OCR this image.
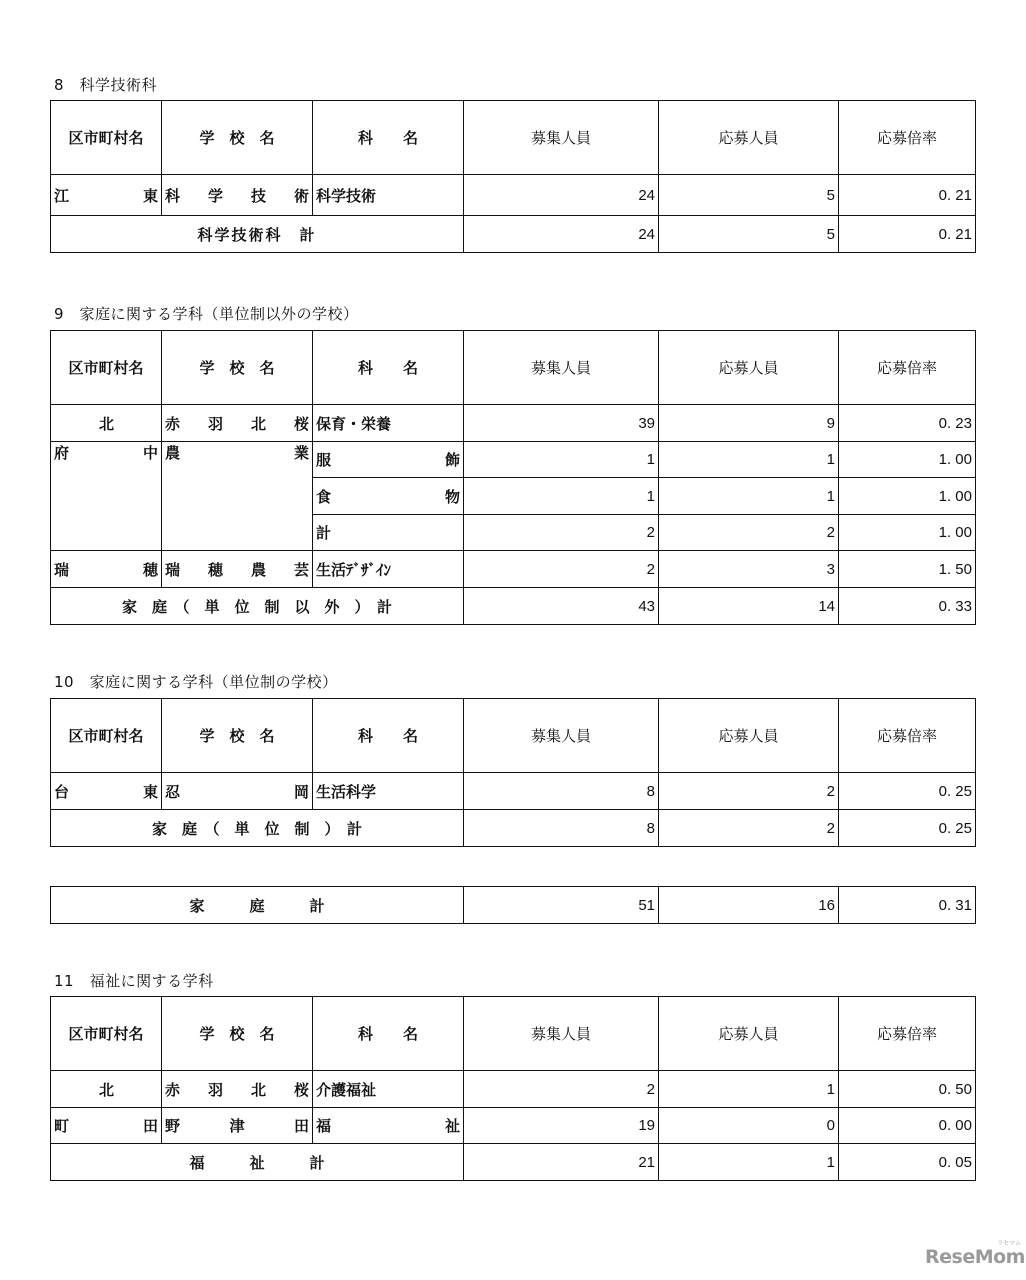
8　科学技術科
区市町村名	学　校　名	科　　名	募集人員	応募人員	応募倍率
江東	科学技術	科学技術	24	5	0. 21
科学技術科　計			24	5	0. 21
9　家庭に関する学科（単位制以外の学校）
区市町村名	学　校　名	科　　名	募集人員	応募人員	応募倍率
北	赤羽北桜	保育・栄養	39	9	0. 23
府中	農業	服飾	1	1	1. 00
		食物	1	1	1. 00
		計	2	2	1. 00
瑞穂	瑞穂農芸	生活ﾃﾞｻﾞｲﾝ	2	3	1. 50
家　庭　（　単　位　制　以　外　）　計			43	14	0. 33
10　家庭に関する学科（単位制の学校）
区市町村名	学　校　名	科　　名	募集人員	応募人員	応募倍率
台東	忍岡	生活科学	8	2	0. 25
家　庭　（　単　位　制　）　計			8	2	0. 25
家　　　庭　　　計	51	16	0. 31
11　福祉に関する学科
区市町村名	学　校　名	科　　名	募集人員	応募人員	応募倍率
北	赤羽北桜	介護福祉	2	1	0. 50
町田	野津田	福祉	19	0	0. 00
福　　　祉　　　計			21	1	0. 05
ReseMom
リセマム
